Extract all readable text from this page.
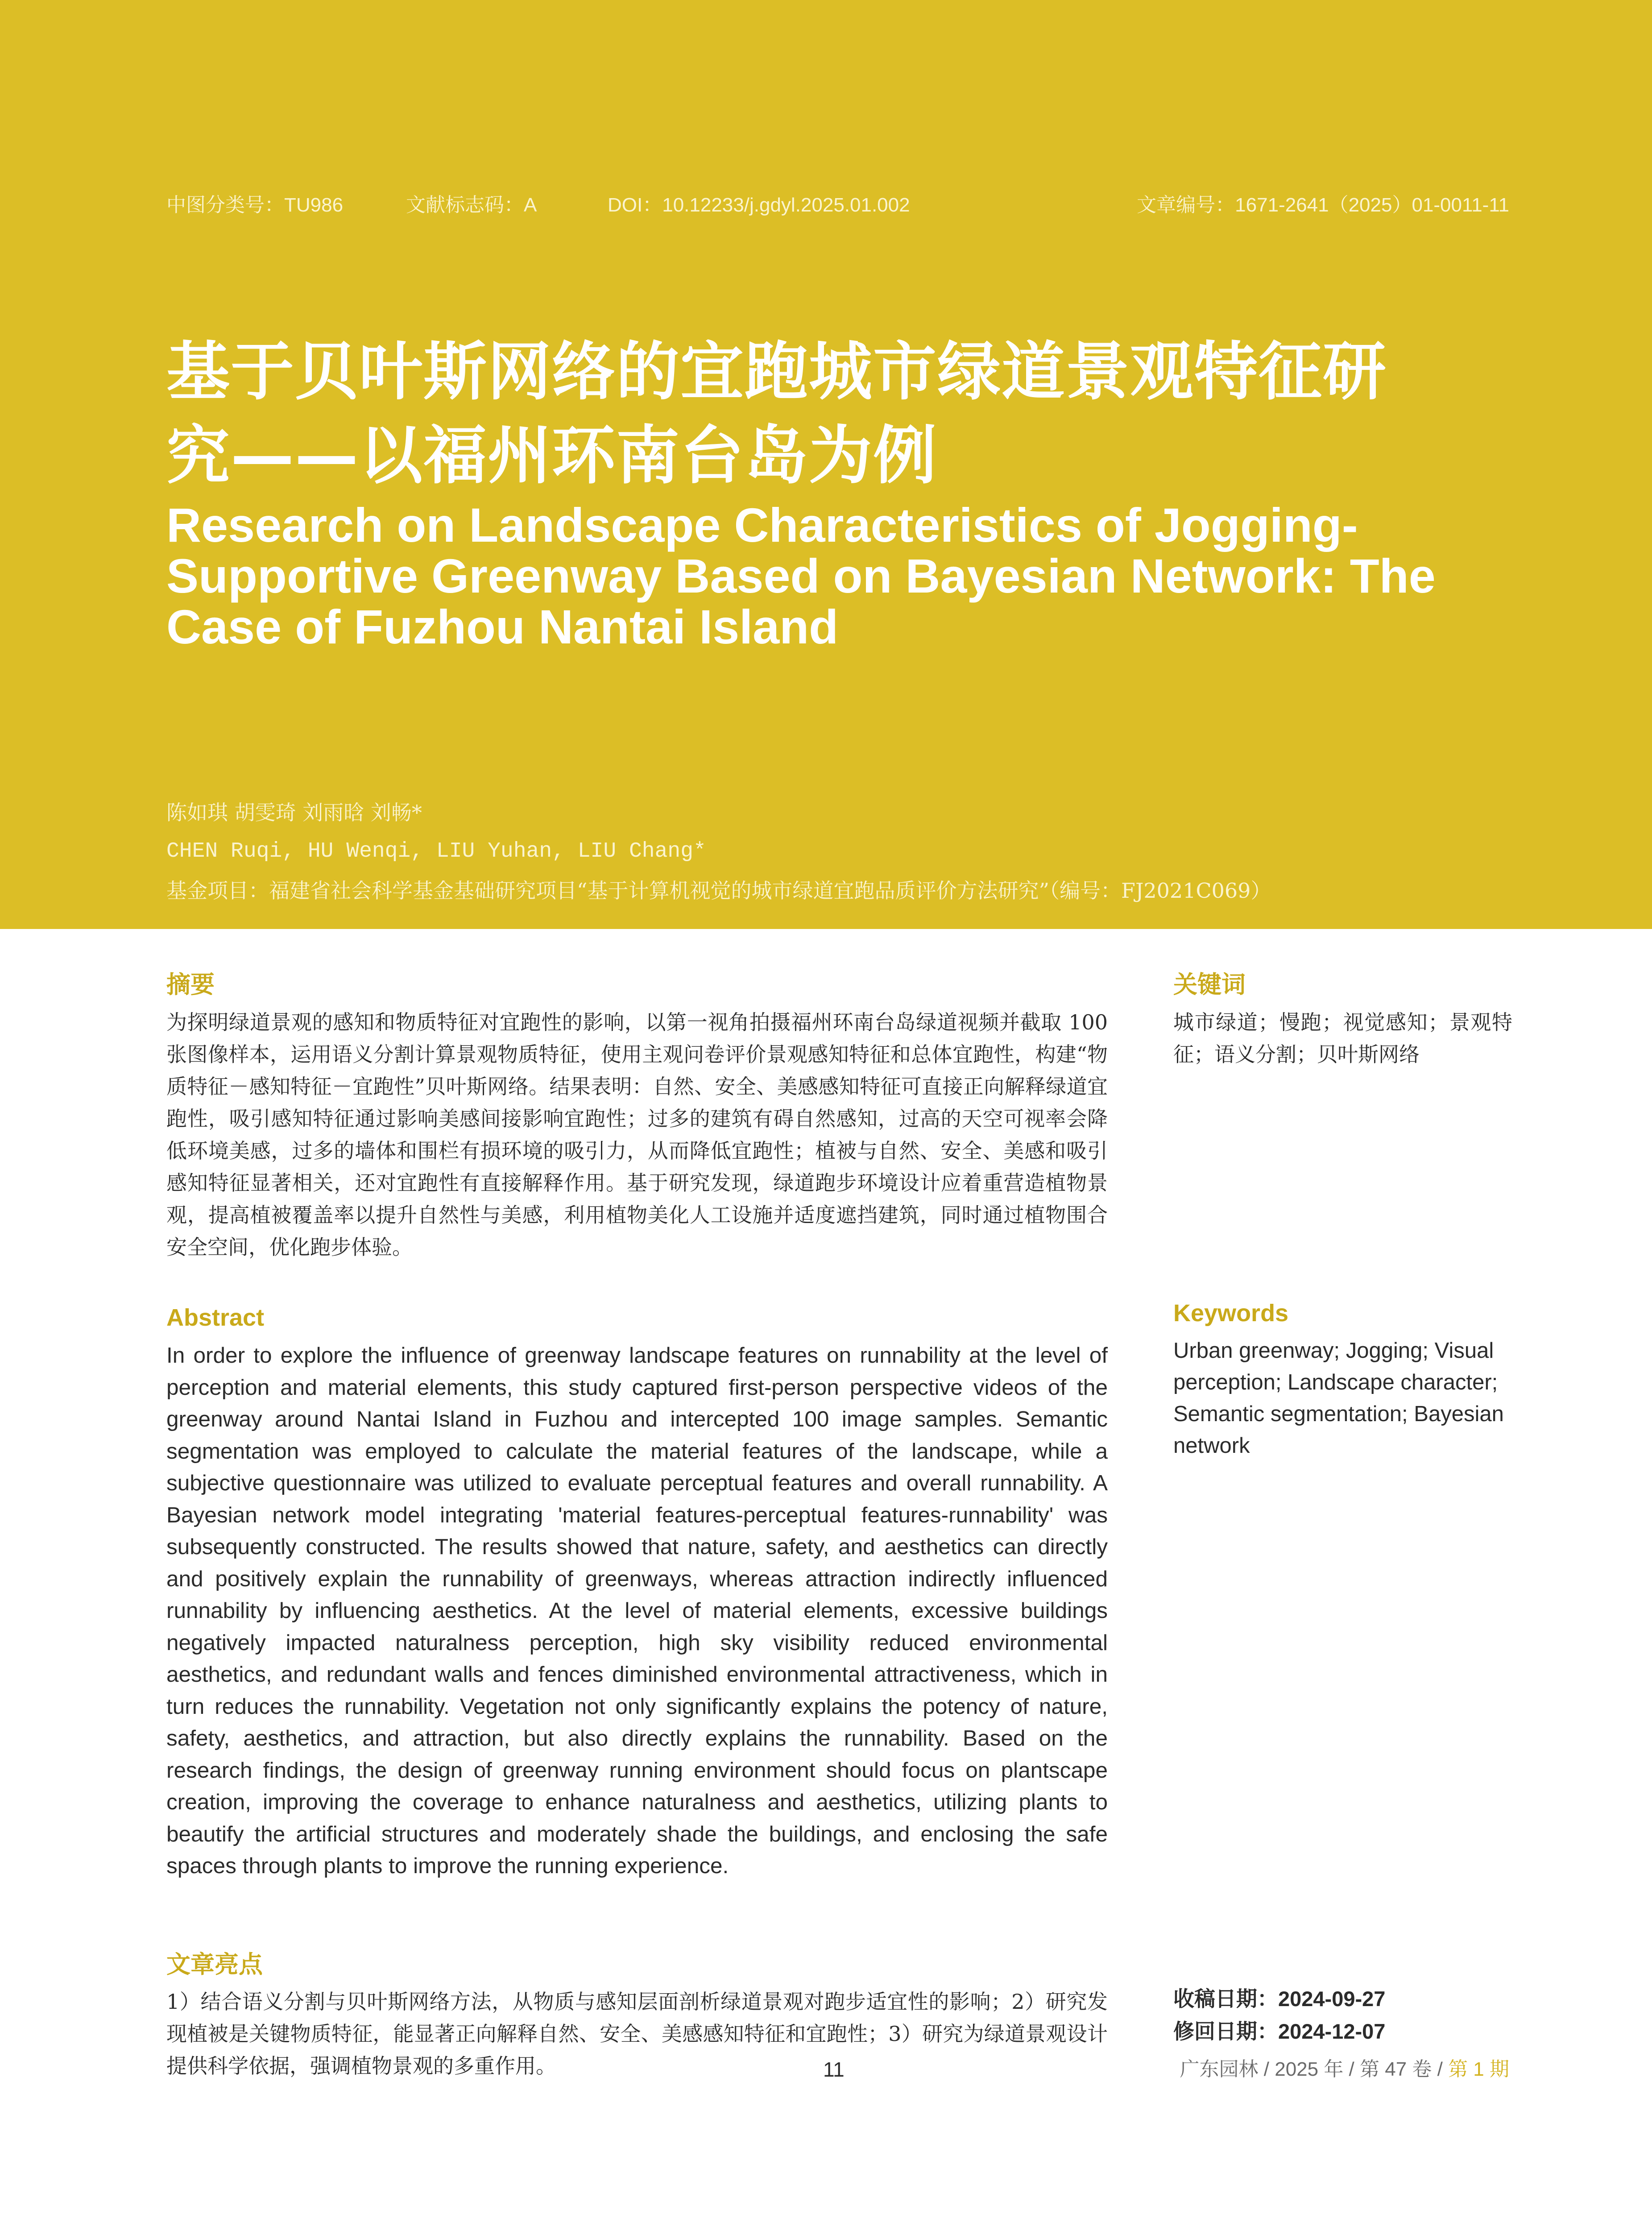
中图分类号：TU986	文献标志码：A	DOI：10.12233/j.gdyl.2025.01.002	文章编号：1671-2641（2025）01-0011-11
基于贝叶斯网络的宜跑城市绿道景观特征研
究——以福州环南台岛为例
Research on Landscape Characteristics of Jogging-Supportive Greenway Based on Bayesian Network: The Case of Fuzhou Nantai Island
陈如琪 胡雯琦 刘雨晗 刘畅*
CHEN Ruqi, HU Wenqi, LIU Yuhan, LIU Chang*
基金项目：福建省社会科学基金基础研究项目“基于计算机视觉的城市绿道宜跑品质评价方法研究”（编号：FJ2021C069）
摘要
为探明绿道景观的感知和物质特征对宜跑性的影响，以第一视角拍摄福州环南台岛绿道视频并截取 100 张图像样本，运用语义分割计算景观物质特征，使用主观问卷评价景观感知特征和总体宜跑性，构建“物质特征－感知特征－宜跑性”贝叶斯网络。结果表明：自然、安全、美感感知特征可直接正向解释绿道宜跑性，吸引感知特征通过影响美感间接影响宜跑性；过多的建筑有碍自然感知，过高的天空可视率会降低环境美感，过多的墙体和围栏有损环境的吸引力，从而降低宜跑性；植被与自然、安全、美感和吸引感知特征显著相关，还对宜跑性有直接解释作用。基于研究发现，绿道跑步环境设计应着重营造植物景观，提高植被覆盖率以提升自然性与美感，利用植物美化人工设施并适度遮挡建筑，同时通过植物围合安全空间，优化跑步体验。
关键词
城市绿道；慢跑；视觉感知；景观特征；语义分割；贝叶斯网络
Abstract
In order to explore the influence of greenway landscape features on runnability at the level of perception and material elements, this study captured first-person perspective videos of the greenway around Nantai Island in Fuzhou and intercepted 100 image samples. Semantic segmentation was employed to calculate the material features of the landscape, while a subjective questionnaire was utilized to evaluate perceptual features and overall runnability. A Bayesian network model integrating 'material features-perceptual features-runnability' was subsequently constructed. The results showed that nature, safety, and aesthetics can directly and positively explain the runnability of greenways, whereas attraction indirectly influenced runnability by influencing aesthetics. At the level of material elements, excessive buildings negatively impacted naturalness perception, high sky visibility reduced environmental aesthetics, and redundant walls and fences diminished environmental attractiveness, which in turn reduces the runnability. Vegetation not only significantly explains the potency of nature, safety, aesthetics, and attraction, but also directly explains the runnability. Based on the research findings, the design of greenway running environment should focus on plantscape creation, improving the coverage to enhance naturalness and aesthetics, utilizing plants to beautify the artificial structures and moderately shade the buildings, and enclosing the safe spaces through plants to improve the running experience.
Keywords
Urban greenway; Jogging; Visual perception; Landscape character; Semantic segmentation; Bayesian network
文章亮点
1）结合语义分割与贝叶斯网络方法，从物质与感知层面剖析绿道景观对跑步适宜性的影响；2）研究发现植被是关键物质特征，能显著正向解释自然、安全、美感感知特征和宜跑性；3）研究为绿道景观设计提供科学依据，强调植物景观的多重作用。
收稿日期：2024-09-27
修回日期：2024-12-07
11	广东园林 / 2025 年 / 第 47 卷 / 第 1 期
